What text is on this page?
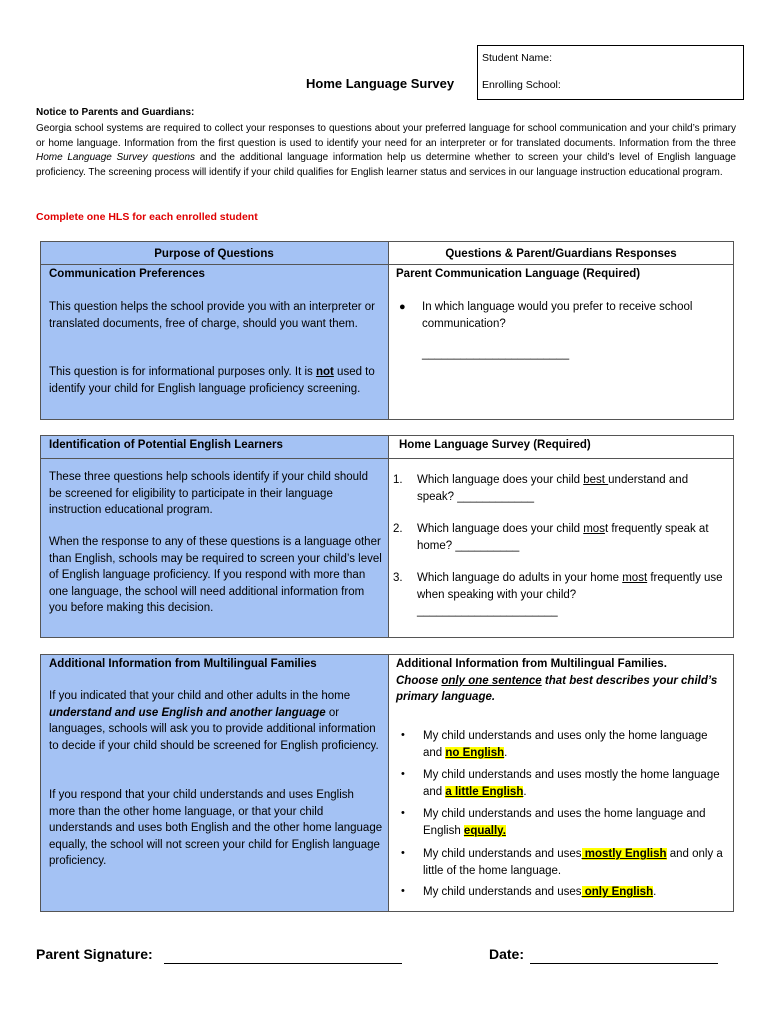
Home Language Survey
Student Name:
Enrolling School:
Notice to Parents and Guardians:
Georgia school systems are required to collect your responses to questions about your preferred language for school communication and your child’s primary or home language. Information from the first question is used to identify your need for an interpreter or for translated documents. Information from the three Home Language Survey questions and the additional language information help us determine whether to screen your child’s level of English language proficiency. The screening process will identify if your child qualifies for English learner status and services in our language instruction educational program.
Complete one HLS for each enrolled student
Purpose of Questions
Communication Preferences
This question helps the school provide you with an interpreter or translated documents, free of charge, should you want them.
This question is for informational purposes only. It is not used to identify your child for English language proficiency screening.
Questions & Parent/Guardians Responses
Parent Communication Language (Required)
● In which language would you prefer to receive school communication?
_______________________
Identification of Potential English Learners
These three questions help schools identify if your child should be screened for eligibility to participate in their language instruction educational program.
When the response to any of these questions is a language other than English, schools may be required to screen your child’s level of English language proficiency. If you respond with more than one language, the school will need additional information from you before making this decision.
Home Language Survey (Required)
1. Which language does your child best understand and speak? ____________
2. Which language does your child most frequently speak at home? __________
3. Which language do adults in your home most frequently use when speaking with your child?
______________________
Additional Information from Multilingual Families
If you indicated that your child and other adults in the home understand and use English and another language or languages, schools will ask you to provide additional information to decide if your child should be screened for English proficiency.
If you respond that your child understands and uses English more than the other home language, or that your child understands and uses both English and the other home language equally, the school will not screen your child for English language proficiency.
Additional Information from Multilingual Families.
Choose only one sentence that best describes your child’s primary language.
• My child understands and uses only the home language and no English.
• My child understands and uses mostly the home language and a little English.
• My child understands and uses the home language and English equally.
• My child understands and uses mostly English and only a little of the home language.
• My child understands and uses only English.
Parent Signature:	Date:
